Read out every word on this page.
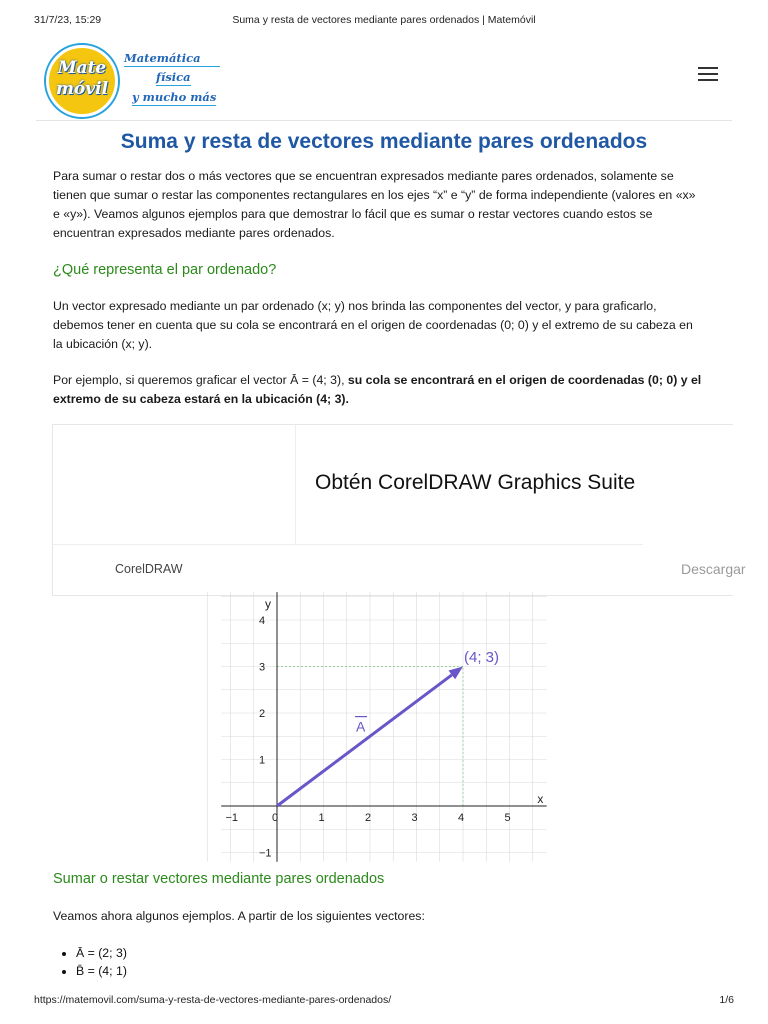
31/7/23, 15:29	Suma y resta de vectores mediante pares ordenados | Matemóvil
Mate
móvil
Matemática
física
y mucho más
Suma y resta de vectores mediante pares ordenados

Para sumar o restar dos o más vectores que se encuentran expresados mediante pares ordenados, solamente se tienen que sumar o restar las componentes rectangulares en los ejes “x” e “y” de forma independiente (valores en «x» e «y»). Veamos algunos ejemplos para que demostrar lo fácil que es sumar o restar vectores cuando estos se encuentran expresados mediante pares ordenados.

¿Qué representa el par ordenado?

Un vector expresado mediante un par ordenado (x; y) nos brinda las componentes del vector, y para graficarlo, debemos tener en cuenta que su cola se encontrará en el origen de coordenadas (0; 0) y el extremo de su cabeza en la ubicación (x; y).

Por ejemplo, si queremos graficar el vector Ā = (4; 3), su cola se encontrará en el origen de coordenadas (0; 0) y el extremo de su cabeza estará en la ubicación (4; 3).

Obtén CorelDRAW Graphics Suite
CorelDRAW	Descargar
−1	0	1	2	3	4	5
4
3
2
1
−1
x
y
A
(4; 3)
Sumar o restar vectores mediante pares ordenados

Veamos ahora algunos ejemplos. A partir de los siguientes vectores:

• Ā = (2; 3)
• B̄ = (4; 1)
https://matemovil.com/suma-y-resta-de-vectores-mediante-pares-ordenados/	1/6
